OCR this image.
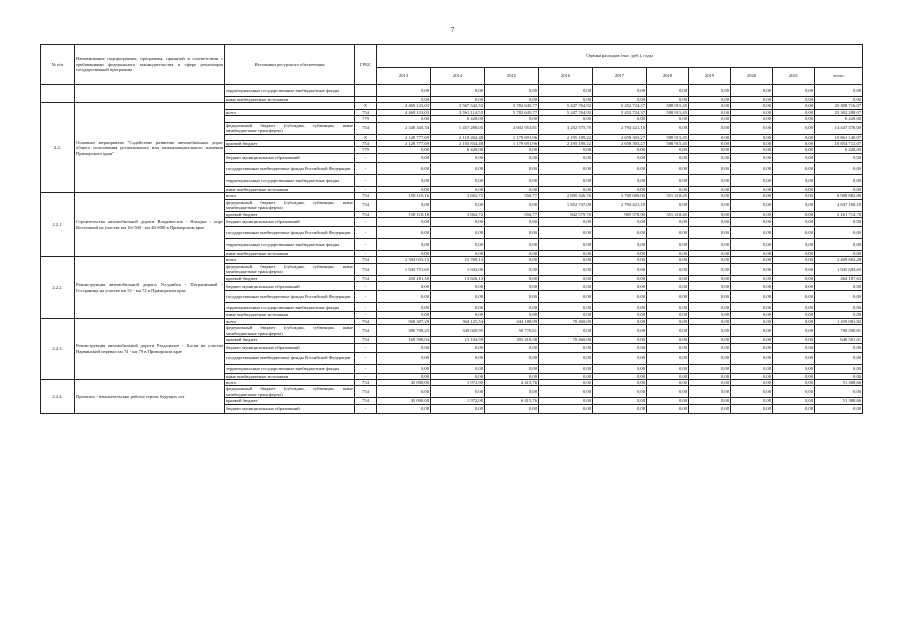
7
№ п/п	Наименование подпрограммы, программы, принятой в соответствии с требованиями федерального законодательства в сфере реализации государственной программы	Источники ресурсного обеспечения	ГРБС	Оценка расходов (тыс. руб.), годы									
				2013	2014	2015	2016	2017	2018	2019	2020	2021	всего
		территориальные государственные внебюджетные фонды		0,00	0,00	0,00	0,00	0,00	0,00	0,00	0,00	0,00	0,00
		иные внебюджетные источники		0,00	0,00	0,00	0,00	0,00	0,00	0,00	0,00	0,00	0,00
2.2.	Основное мероприятие "Содействие развитию автомобильных дорог общего пользования регионального или межмуниципального значения Приморского края"		X	4 469 123,03	3 567 542,53	5 782 645,77	5 447 764,92	5 452 724,37	588 915,45	0,00	0,00	0,00	25 308 716,07
		всего	754	4 469 123,03	3 561 114,53	5 782 645,77	5 447 764,92	5 452 724,37	588 915,45	0,00	0,00	0,00	25 302 288,07
			779	0,00	6 428,00	0,00	0,00	0,00	0,00	0,00	0,00	0,00	6 428,00
		федеральный бюджет (субсидии, субвенции, иные межбюджетные трансферты)	754	2 340 345,34	1 457 280,05	4 602 953,81	3 252 575,70	2 794 421,10	0,00	0,00	0,00	0,00	14 447 576,00
			X	2 128 777,69	2 110 262,48	1 179 691,96	2 195 189,22	2 658 303,27	588 915,45	0,00	0,00	0,00	10 861 140,07
		краевой бюджет	754	2 128 777,69	2 103 834,48	1 179 691,96	2 195 189,22	2 658 303,27	588 915,45	0,00	0,00	0,00	10 854 712,07
			779	0,00	6 428,00	0,00	0,00	0,00	0,00	0,00	0,00	0,00	6 428,00
		бюджет муниципальных образований	-	0,00	0,00	0,00	0,00	0,00	0,00	0,00	0,00	0,00	0,00
		государственные внебюджетные фонды Российской Федерации	-	0,00	0,00	0,00	0,00	0,00	0,00	0,00	0,00	0,00	0,00
		территориальные государственные внебюджетные фонды	-	0,00	0,00	0,00	0,00	0,00	0,00	0,00	0,00	0,00	0,00
		иные внебюджетные источники	-	0,00	0,00	0,00	0,00	0,00	0,00	0,00	0,00	0,00	0,00
2.2.1.	Строительство автомобильной дороги Владивосток - Находка - порт Восточный на участке км 16+500 - км 40+800 в Приморском крае	всего	754	158 118,16	3 662,72	556,77	2 695 326,70	3 700 000,00	351 218,45	0,00	0,00	0,00	6 908 882,80
		федеральный бюджет (субсидии, субвенции, иные межбюджетные трансферты)	754	0,00	0,00	0,00	1 852 747,00	2 794 421,10	0,00	0,00	0,00	0,00	4 647 168,10
		краевой бюджет	754	158 118,16	3 662,72	556,77	842 579,70	905 578,90	351 218,45	0,00	0,00	0,00	2 261 714,70
		бюджет муниципальных образований	-	0,00	0,00	0,00	0,00	0,00	0,00	0,00	0,00	0,00	0,00
		государственные внебюджетные фонды Российской Федерации	-	0,00	0,00	0,00	0,00	0,00	0,00	0,00	0,00	0,00	0,00
		территориальные государственные внебюджетные фонды	-	0,00	0,00	0,00	0,00	0,00	0,00	0,00	0,00	0,00	0,00
		иные внебюджетные источники	-	0,00	0,00	0,00	0,00	0,00	0,00	0,00	0,00	0,00	0,00
2.2.2.	Реконструкция автомобильной дороги Уссурийск - Пограничный - Госграница на участке км 51 - км 72 в Приморском крае	всего	754	2 394 033,15	15 769,13	0,00	0,00	0,00	0,00	0,00	0,00	0,00	2 409 802,28
		федеральный бюджет (субсидии, субвенции, иные межбюджетные трансферты)	754	1 943 751,65	1 943,00	0,00	0,00	0,00	0,00	0,00	0,00	0,00	1 945 694,65
		краевой бюджет	754	450 281,50	13 826,13	0,00	0,00	0,00	0,00	0,00	0,00	0,00	464 107,63
		бюджет муниципальных образований	-	0,00	0,00	0,00	0,00	0,00	0,00	0,00	0,00	0,00	0,00
		государственные внебюджетные фонды Российской Федерации	-	0,00	0,00	0,00	0,00	0,00	0,00	0,00	0,00	0,00	0,00
		территориальные государственные внебюджетные фонды	-	0,00	0,00	0,00	0,00	0,00	0,00	0,00	0,00	0,00	0,00
		иные внебюджетные источники	-	0,00	0,00	0,00	0,00	0,00	0,00	0,00	0,00	0,00	0,00
2.2.3.	Реконструкция автомобильной дороги Раздольное - Хасан на участке Нарвинский перевал км 74 - км 79 в Приморском крае	всего	754	560 307,29	364 125,54	444 188,99	70 460,00	0,00	0,00	0,00	0,00	0,00	1 439 081,82
		федеральный бюджет (субсидии, субвенции, иные межбюджетные трансферты)	754	390 709,25	349 020,95	50 770,61	0,00	0,00	0,00	0,00	0,00	0,00	790 500,81
		краевой бюджет	754	169 598,04	15 104,59	393 418,38	70 460,00	0,00	0,00	0,00	0,00	0,00	648 581,01
		бюджет муниципальных образований	-	0,00	0,00	0,00	0,00	0,00	0,00	0,00	0,00	0,00	0,00
		государственные внебюджетные фонды Российской Федерации	-	0,00	0,00	0,00	0,00	0,00	0,00	0,00	0,00	0,00	0,00
		территориальные государственные внебюджетные фонды	-	0,00	0,00	0,00	0,00	0,00	0,00	0,00	0,00	0,00	0,00
		иные внебюджетные источники	-	0,00	0,00	0,00	0,00	0,00	0,00	0,00	0,00	0,00	0,00
2.2.4.	Проектно - изыскательские работы строек будущих лет	всего	754	45 000,00	1 972,90	4 415,76	0,00	0,00	0,00	0,00	0,00	0,00	51 388,66
		федеральный бюджет (субсидии, субвенции, иные межбюджетные трансферты)	754	0,00	0,00	0,00	0,00	0,00	0,00	0,00	0,00	0,00	0,00
		краевой бюджет	754	45 000,00	1 972,90	6 415,76	0,00	0,00	0,00	0,00	0,00	0,00	51 388,66
		бюджет муниципальных образований	-	0,00	0,00	0,00	0,00	0,00	0,00	0,00	0,00	0,00	0,00
